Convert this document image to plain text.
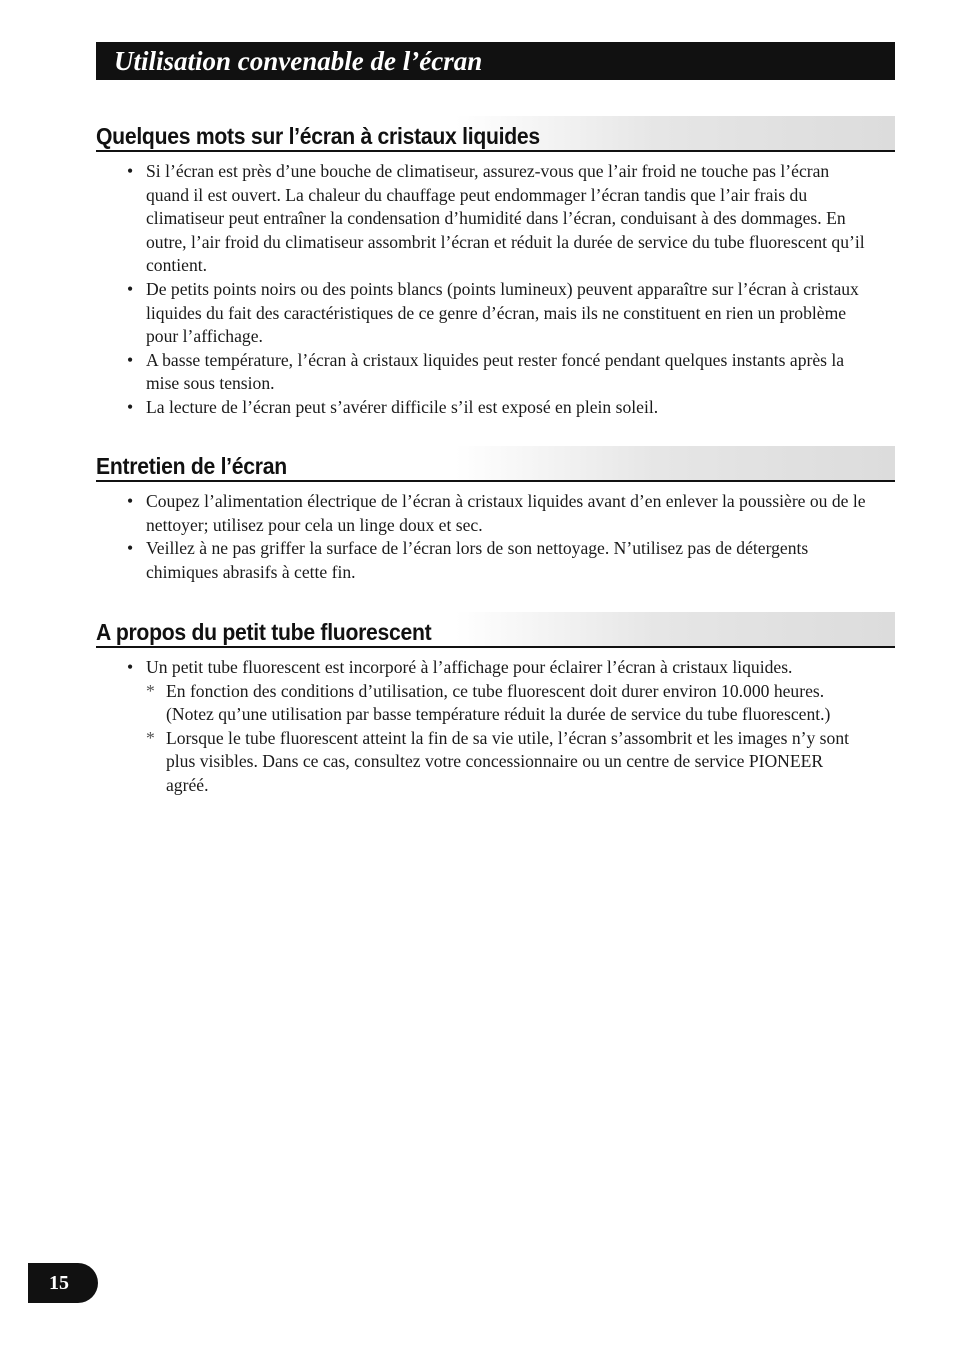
Utilisation convenable de l’écran
Quelques mots sur l’écran à cristaux liquides
• Si l’écran est près d’une bouche de climatiseur, assurez-vous que l’air froid ne touche pas l’écran quand il est ouvert. La chaleur du chauffage peut endommager l’écran tandis que l’air frais du climatiseur peut entraîner la condensation d’humidité dans l’écran, conduisant à des dommages. En outre, l’air froid du climatiseur assombrit l’écran et réduit la durée de service du tube fluorescent qu’il contient.
• De petits points noirs ou des points blancs (points lumineux) peuvent apparaître sur l’écran à cristaux liquides du fait des caractéristiques de ce genre d’écran, mais ils ne constituent en rien un problème pour l’affichage.
• A basse température, l’écran à cristaux liquides peut rester foncé pendant quelques instants après la mise sous tension.
• La lecture de l’écran peut s’avérer difficile s’il est exposé en plein soleil.
Entretien de l’écran
• Coupez l’alimentation électrique de l’écran à cristaux liquides avant d’en enlever la poussière ou de le nettoyer; utilisez pour cela un linge doux et sec.
• Veillez à ne pas griffer la surface de l’écran lors de son nettoyage. N’utilisez pas de détergents chimiques abrasifs à cette fin.
A propos du petit tube fluorescent
• Un petit tube fluorescent est incorporé à l’affichage pour éclairer l’écran à cristaux liquides.
* En fonction des conditions d’utilisation, ce tube fluorescent doit durer environ 10.000 heures. (Notez qu’une utilisation par basse température réduit la durée de service du tube fluorescent.)
* Lorsque le tube fluorescent atteint la fin de sa vie utile, l’écran s’assombrit et les images n’y sont plus visibles. Dans ce cas, consultez votre concessionnaire ou un centre de service PIONEER agréé.
15
